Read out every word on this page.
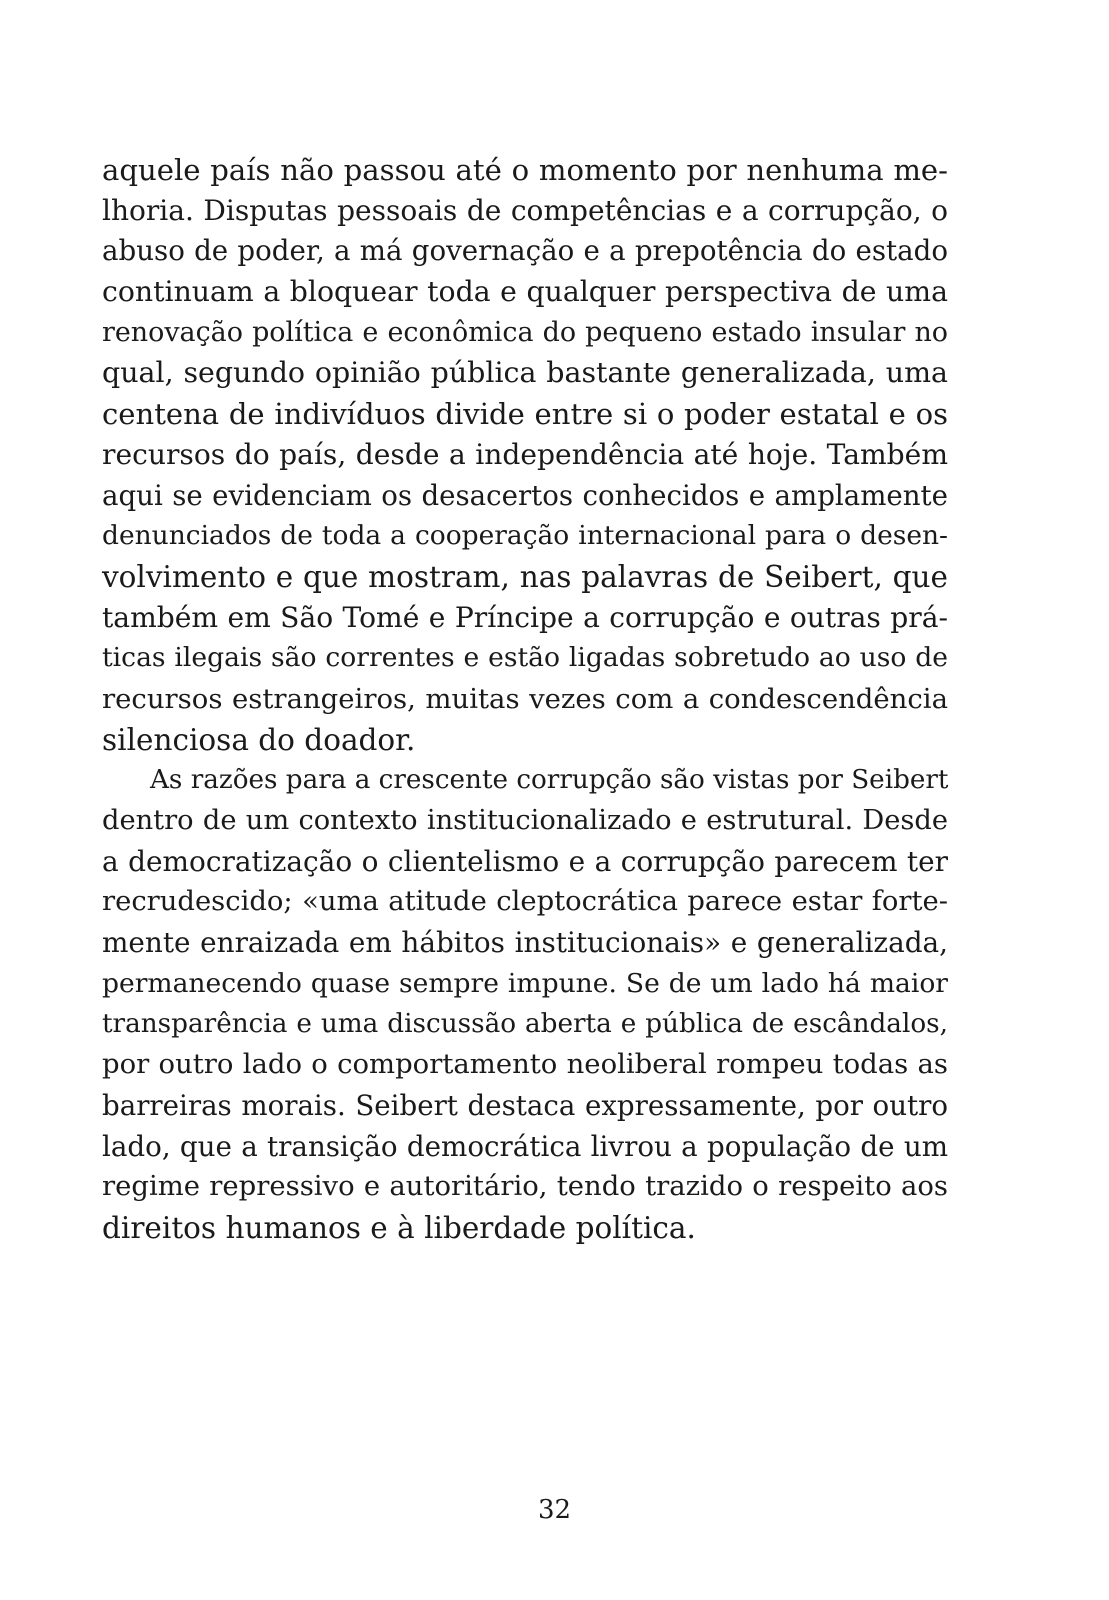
aquele país não passou até o momento por nenhuma me-
lhoria. Disputas pessoais de competências e a corrupção, o
abuso de poder, a má governação e a prepotência do estado
continuam a bloquear toda e qualquer perspectiva de uma
renovação política e econômica do pequeno estado insular no
qual, segundo opinião pública bastante generalizada, uma
centena de indivíduos divide entre si o poder estatal e os
recursos do país, desde a independência até hoje. Também
aqui se evidenciam os desacertos conhecidos e amplamente
denunciados de toda a cooperação internacional para o desen-
volvimento e que mostram, nas palavras de Seibert, que
também em São Tomé e Príncipe a corrupção e outras prá-
ticas ilegais são correntes e estão ligadas sobretudo ao uso de
recursos estrangeiros, muitas vezes com a condescendência
silenciosa do doador.
As razões para a crescente corrupção são vistas por Seibert
dentro de um contexto institucionalizado e estrutural. Desde
a democratização o clientelismo e a corrupção parecem ter
recrudescido; «uma atitude cleptocrática parece estar forte-
mente enraizada em hábitos institucionais» e generalizada,
permanecendo quase sempre impune. Se de um lado há maior
transparência e uma discussão aberta e pública de escândalos,
por outro lado o comportamento neoliberal rompeu todas as
barreiras morais. Seibert destaca expressamente, por outro
lado, que a transição democrática livrou a população de um
regime repressivo e autoritário, tendo trazido o respeito aos
direitos humanos e à liberdade política.
32
